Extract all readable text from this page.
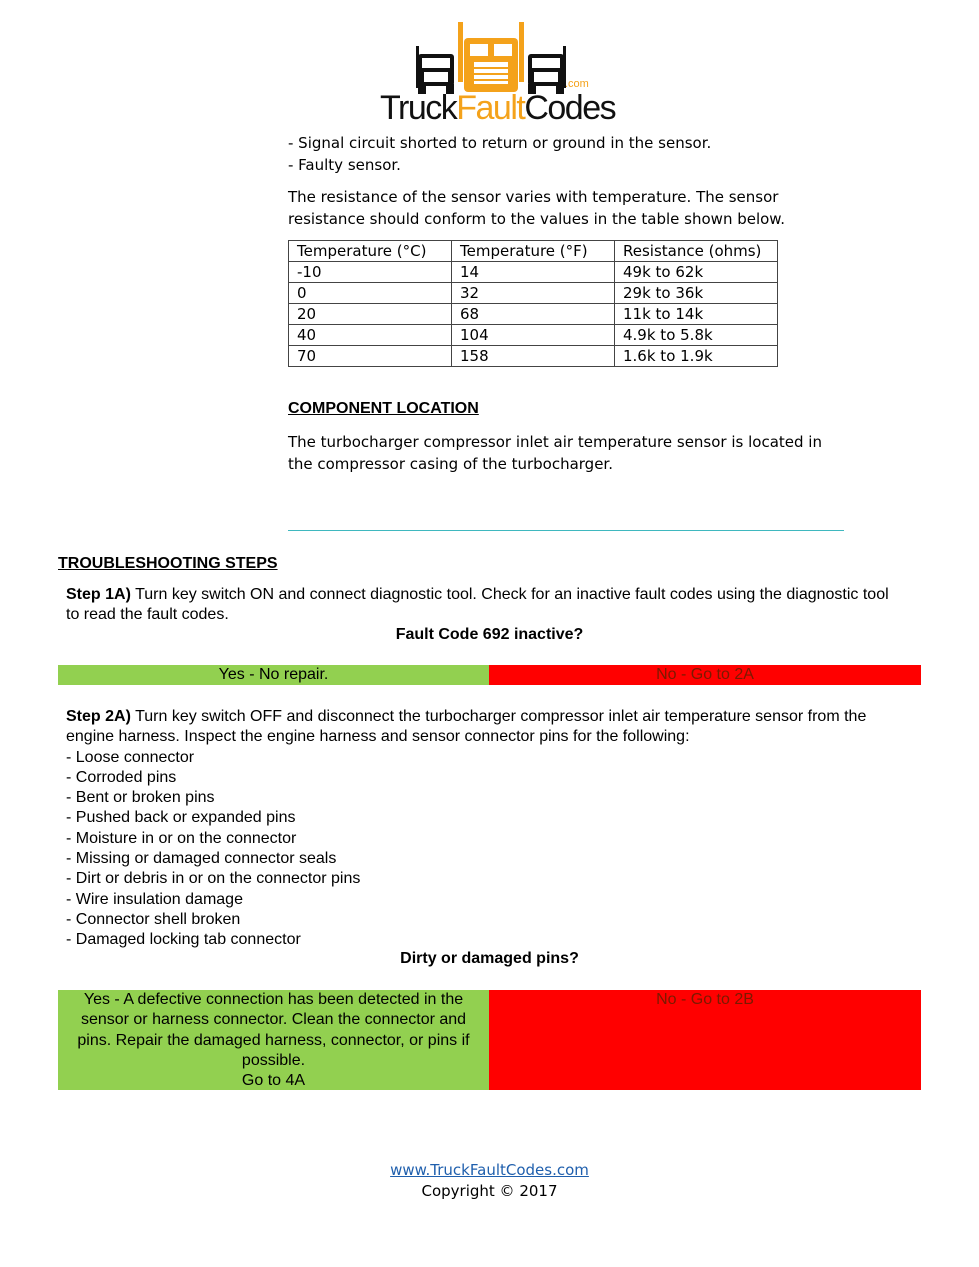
TruckFaultCodes
.com
- Signal circuit shorted to return or ground in the sensor.
- Faulty sensor.
The resistance of the sensor varies with temperature. The sensor resistance should conform to the values in the table shown below.
Temperature (°C)	Temperature (°F)	Resistance (ohms)
-10	14	49k to 62k
0	32	29k to 36k
20	68	11k to 14k
40	104	4.9k to 5.8k
70	158	1.6k to 1.9k
COMPONENT LOCATION
The turbocharger compressor inlet air temperature sensor is located in the compressor casing of the turbocharger.
TROUBLESHOOTING STEPS
Step 1A) Turn key switch ON and connect diagnostic tool. Check for an inactive fault codes using the diagnostic tool to read the fault codes.
Fault Code 692 inactive?
Yes - No repair.	No - Go to 2A
Step 2A) Turn key switch OFF and disconnect the turbocharger compressor inlet air temperature sensor from the engine harness. Inspect the engine harness and sensor connector pins for the following:
- Loose connector
- Corroded pins
- Bent or broken pins
- Pushed back or expanded pins
- Moisture in or on the connector
- Missing or damaged connector seals
- Dirt or debris in or on the connector pins
- Wire insulation damage
- Connector shell broken
- Damaged locking tab connector
Dirty or damaged pins?
Yes - A defective connection has been detected in the sensor or harness connector. Clean the connector and pins. Repair the damaged harness, connector, or pins if possible.
Go to 4A
No - Go to 2B
www.TruckFaultCodes.com
Copyright © 2017
